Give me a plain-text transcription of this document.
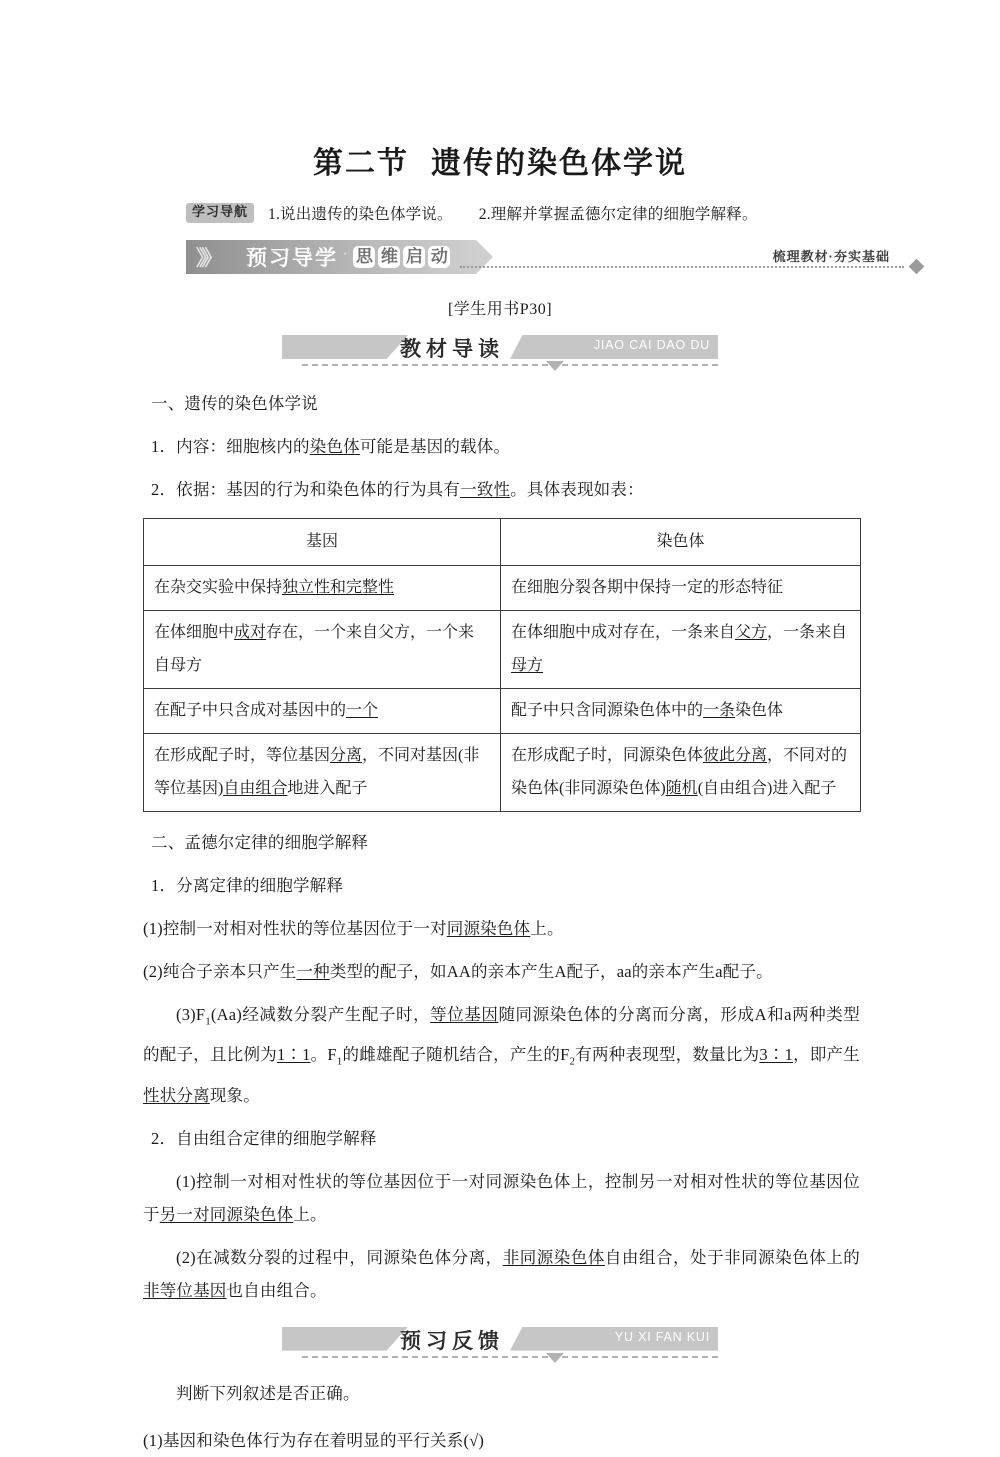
第二节 遗传的染色体学说
学习导航	1.说出遗传的染色体学说。 2.理解并掌握孟德尔定律的细胞学解释。
》》	预习导学 · 思 维 启 动	梳理教材·夯实基础
[学生用书P30]
教材导读	JIAO CAI DAO DU

一、遗传的染色体学说

1．内容：细胞核内的染色体可能是基因的载体。

2．依据：基因的行为和染色体的行为具有一致性。具体表现如表：

基因	染色体
在杂交实验中保持独立性和完整性	在细胞分裂各期中保持一定的形态特征
在体细胞中成对存在，一个来自父方，一个来自母方	在体细胞中成对存在，一条来自父方，一条来自母方
在配子中只含成对基因中的一个	配子中只含同源染色体中的一条染色体
在形成配子时，等位基因分离，不同对基因(非等位基因)自由组合地进入配子	在形成配子时，同源染色体彼此分离，不同对的染色体(非同源染色体)随机(自由组合)进入配子

二、孟德尔定律的细胞学解释

1．分离定律的细胞学解释

(1)控制一对相对性状的等位基因位于一对同源染色体上。

(2)纯合子亲本只产生一种类型的配子，如AA的亲本产生A配子，aa的亲本产生a配子。

$(3)F_1(Aa)$经减数分裂产生配子时，等位基因随同源染色体的分离而分离，形成A和a两种类型的配子，且比例为1∶1。$F_1$的雌雄配子随机结合，产生的$F_2$有两种表现型，数量比为3∶1，即产生性状分离现象。

2．自由组合定律的细胞学解释

(1)控制一对相对性状的等位基因位于一对同源染色体上，控制另一对相对性状的等位基因位于另一对同源染色体上。

(2)在减数分裂的过程中，同源染色体分离，非同源染色体自由组合，处于非同源染色体上的非等位基因也自由组合。

预习反馈	YU XI FAN KUI

判断下列叙述是否正确。

(1)基因和染色体行为存在着明显的平行关系(√)
